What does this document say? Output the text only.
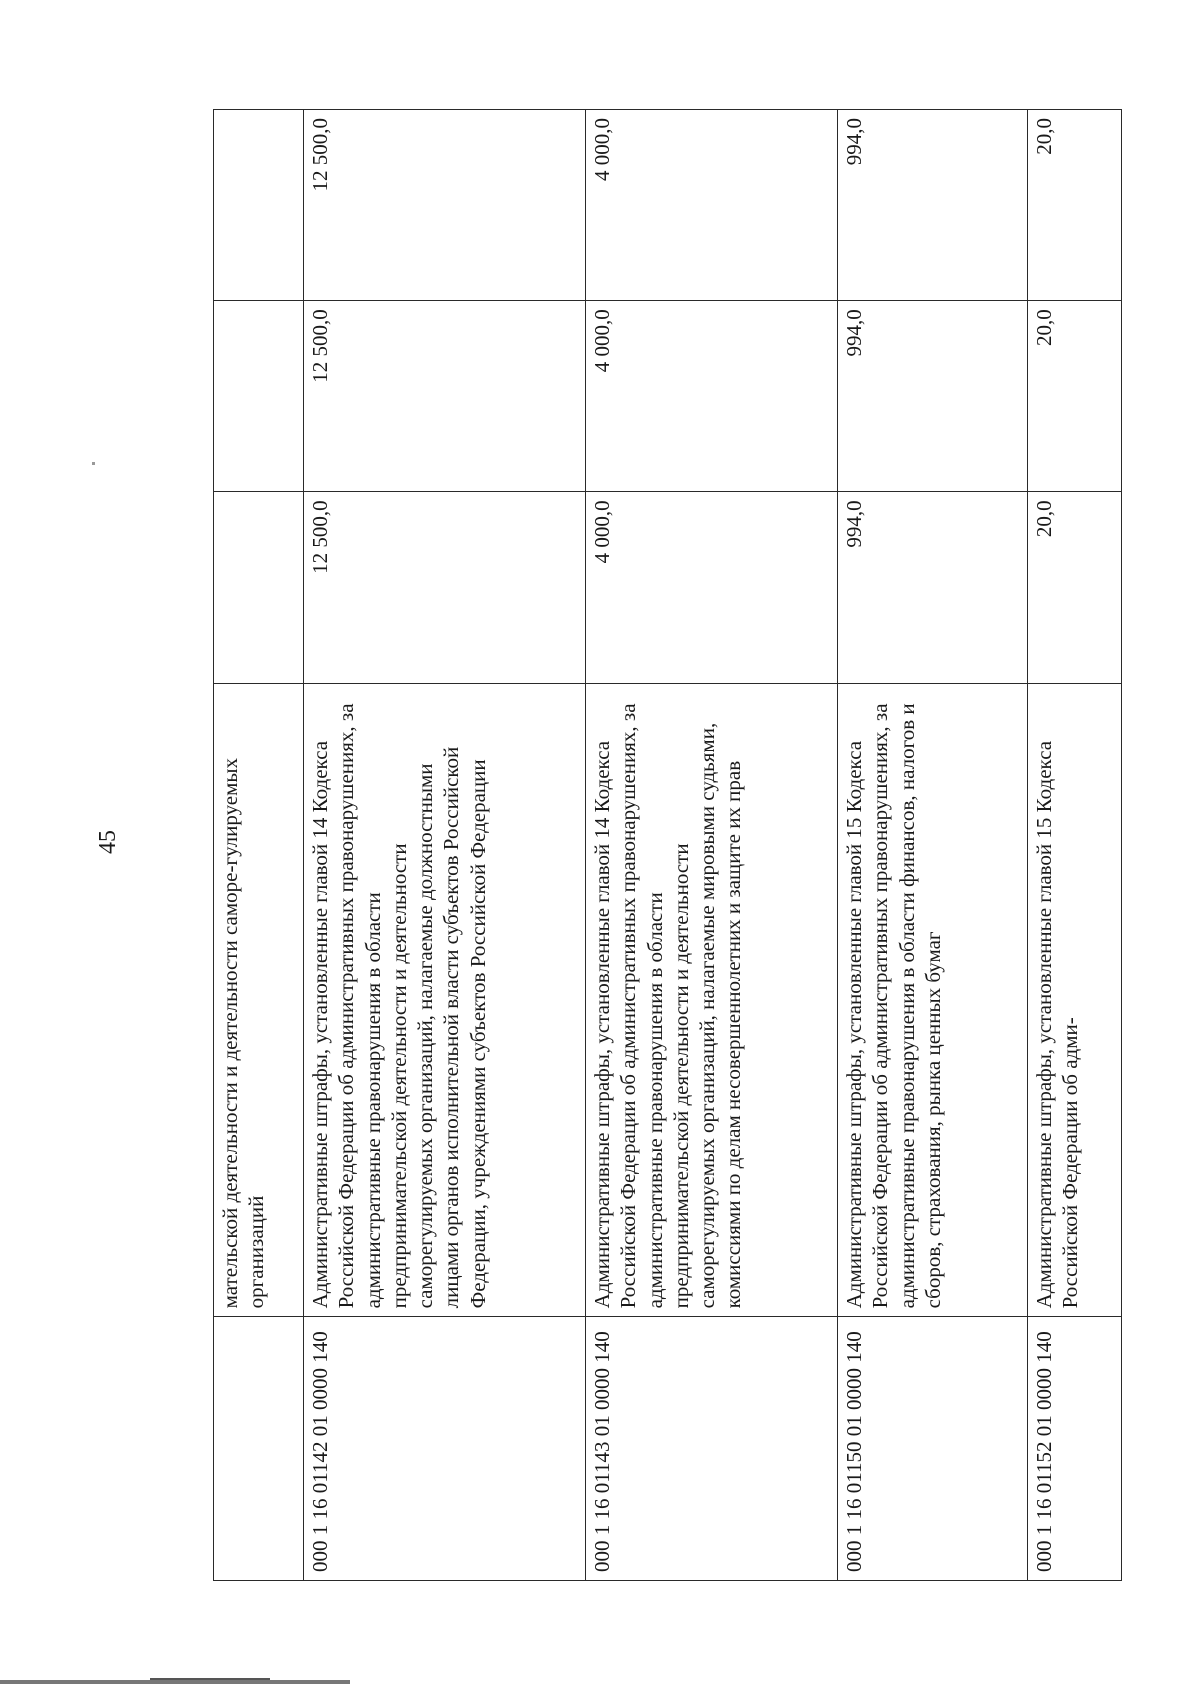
45
		мательской деятельности и деятельности саморе-гулируемых организаций			
000 1 16 01142 01 0000 140	Административные штрафы, установленные главой 14 Кодекса Российской Федерации об административных правонарушениях, за административные правонарушения в области предпринимательской деятельности и деятельности саморегулируемых организаций, налагаемые должностными лицами органов исполнительной власти субъектов Российской Федерации, учреждениями субъектов Российской Федерации	12 500,0	12 500,0	12 500,0
000 1 16 01143 01 0000 140	Административные штрафы, установленные главой 14 Кодекса Российской Федерации об административных правонарушениях, за административные правонарушения в области предпринимательской деятельности и деятельности саморегулируемых организаций, налагаемые мировыми судьями, комиссиями по делам несовершеннолетних и защите их прав	4 000,0	4 000,0	4 000,0
000 1 16 01150 01 0000 140	Административные штрафы, установленные главой 15 Кодекса Российской Федерации об административных правонарушениях, за административные правонарушения в области финансов, налогов и сборов, страхования, рынка ценных бумаг	994,0	994,0	994,0
000 1 16 01152 01 0000 140	Административные штрафы, установленные главой 15 Кодекса Российской Федерации об адми-	20,0	20,0	20,0
